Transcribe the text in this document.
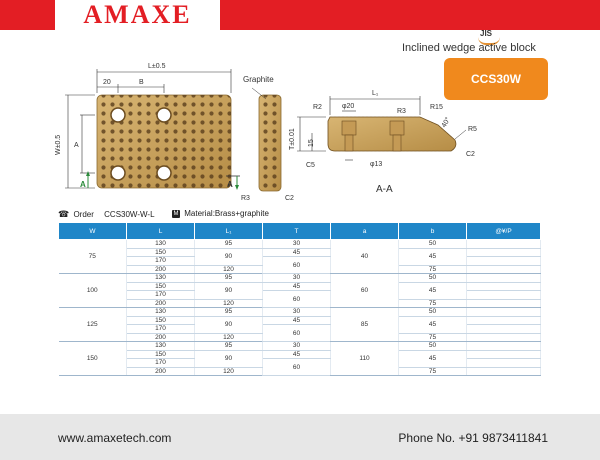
AMAXE
JIS
Inclined wedge active block
CCS30W
L±0.5
20	B
W±0.5 A
A	A
Graphite
R3	C2
L₁
R2	φ20
R3
R15
40°
T±0.01 15
R5
C5	φ13
C2
A-A
☎ Order CCS30W-W-L	M Material:Brass+graphite
W	L	L₁	T	a	b	@¥/P
75	130	95	30	40	50	
	150	90	45		45	
	170		60			
	200	120			75	
100	130	95	30	60	50	
	150	90	45		45	
	170		60			
	200	120			75	
125	130	95	30	85	50	
	150	90	45		45	
	170		60			
	200	120			75	
150	130	95	30	110	50	
	150	90	45		45	
	170		60			
	200	120			75	
www.amaxetech.com	Phone No. +91 9873411841
